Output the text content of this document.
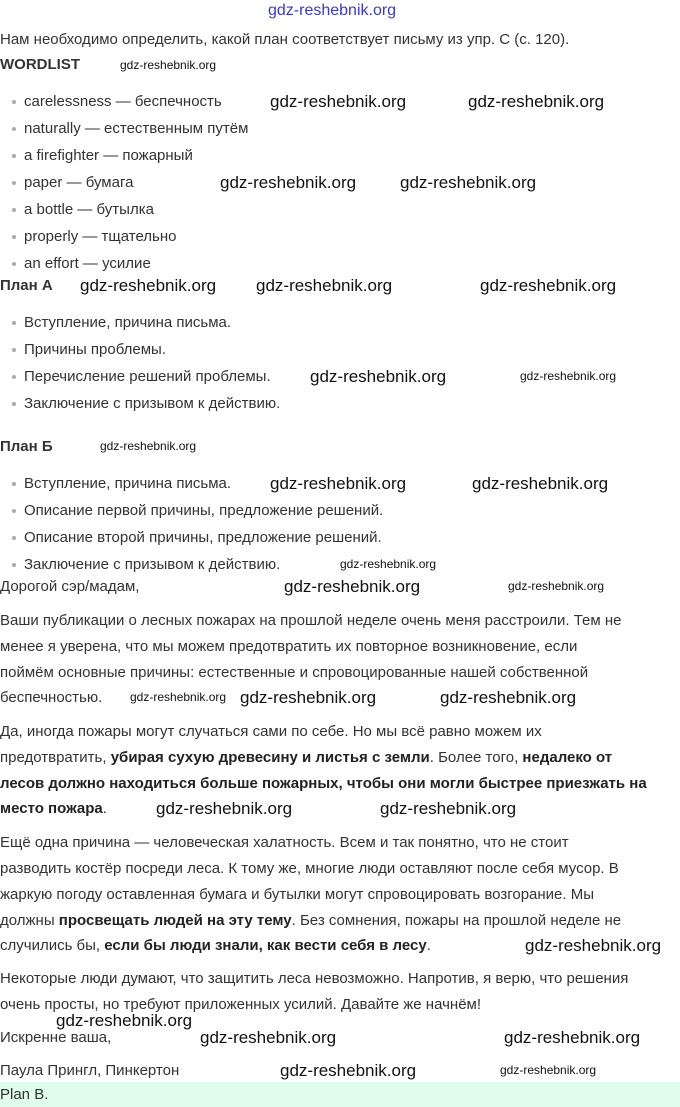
gdz-reshebnik.org
Нам необходимо определить, какой план соответствует письму из упр. C (с. 120).
WORDLIST
carelessness — беспечность
naturally — естественным путём
a firefighter — пожарный
paper — бумага
a bottle — бутылка
properly — тщательно
an effort — усилие
План А
Вступление, причина письма.
Причины проблемы.
Перечисление решений проблемы.
Заключение с призывом к действию.
План Б
Вступление, причина письма.
Описание первой причины, предложение решений.
Описание второй причины, предложение решений.
Заключение с призывом к действию.
Дорогой сэр/мадам,
Ваши публикации о лесных пожарах на прошлой неделе очень меня расстроили. Тем не
менее я уверена, что мы можем предотвратить их повторное возникновение, если
поймём основные причины: естественные и спровоцированные нашей собственной
беспечностью.
Да, иногда пожары могут случаться сами по себе. Но мы всё равно можем их
предотвратить, убирая сухую древесину и листья с земли. Более того, недалеко от
лесов должно находиться больше пожарных, чтобы они могли быстрее приезжать на
место пожара.
Ещё одна причина — человеческая халатность. Всем и так понятно, что не стоит
разводить костёр посреди леса. К тому же, многие люди оставляют после себя мусор. В
жаркую погоду оставленная бумага и бутылки могут спровоцировать возгорание. Мы
должны просвещать людей на эту тему. Без сомнения, пожары на прошлой неделе не
случились бы, если бы люди знали, как вести себя в лесу.
Некоторые люди думают, что защитить леса невозможно. Напротив, я верю, что решения
очень просты, но требуют приложенных усилий. Давайте же начнём!
Искренне ваша,
Паула Прингл, Пинкертон
Plan B.
gdz-reshebnik.org
gdz-reshebnik.org	gdz-reshebnik.org
gdz-reshebnik.org	gdz-reshebnik.org
gdz-reshebnik.org gdz-reshebnik.org	gdz-reshebnik.org
gdz-reshebnik.org	gdz-reshebnik.org
gdz-reshebnik.org
gdz-reshebnik.org	gdz-reshebnik.org
gdz-reshebnik.org
gdz-reshebnik.org	gdz-reshebnik.org
gdz-reshebnik.org gdz-reshebnik.org	gdz-reshebnik.org
gdz-reshebnik.org	gdz-reshebnik.org
gdz-reshebnik.org
gdz-reshebnik.org
gdz-reshebnik.org	gdz-reshebnik.org
gdz-reshebnik.org
gdz-reshebnik.org
